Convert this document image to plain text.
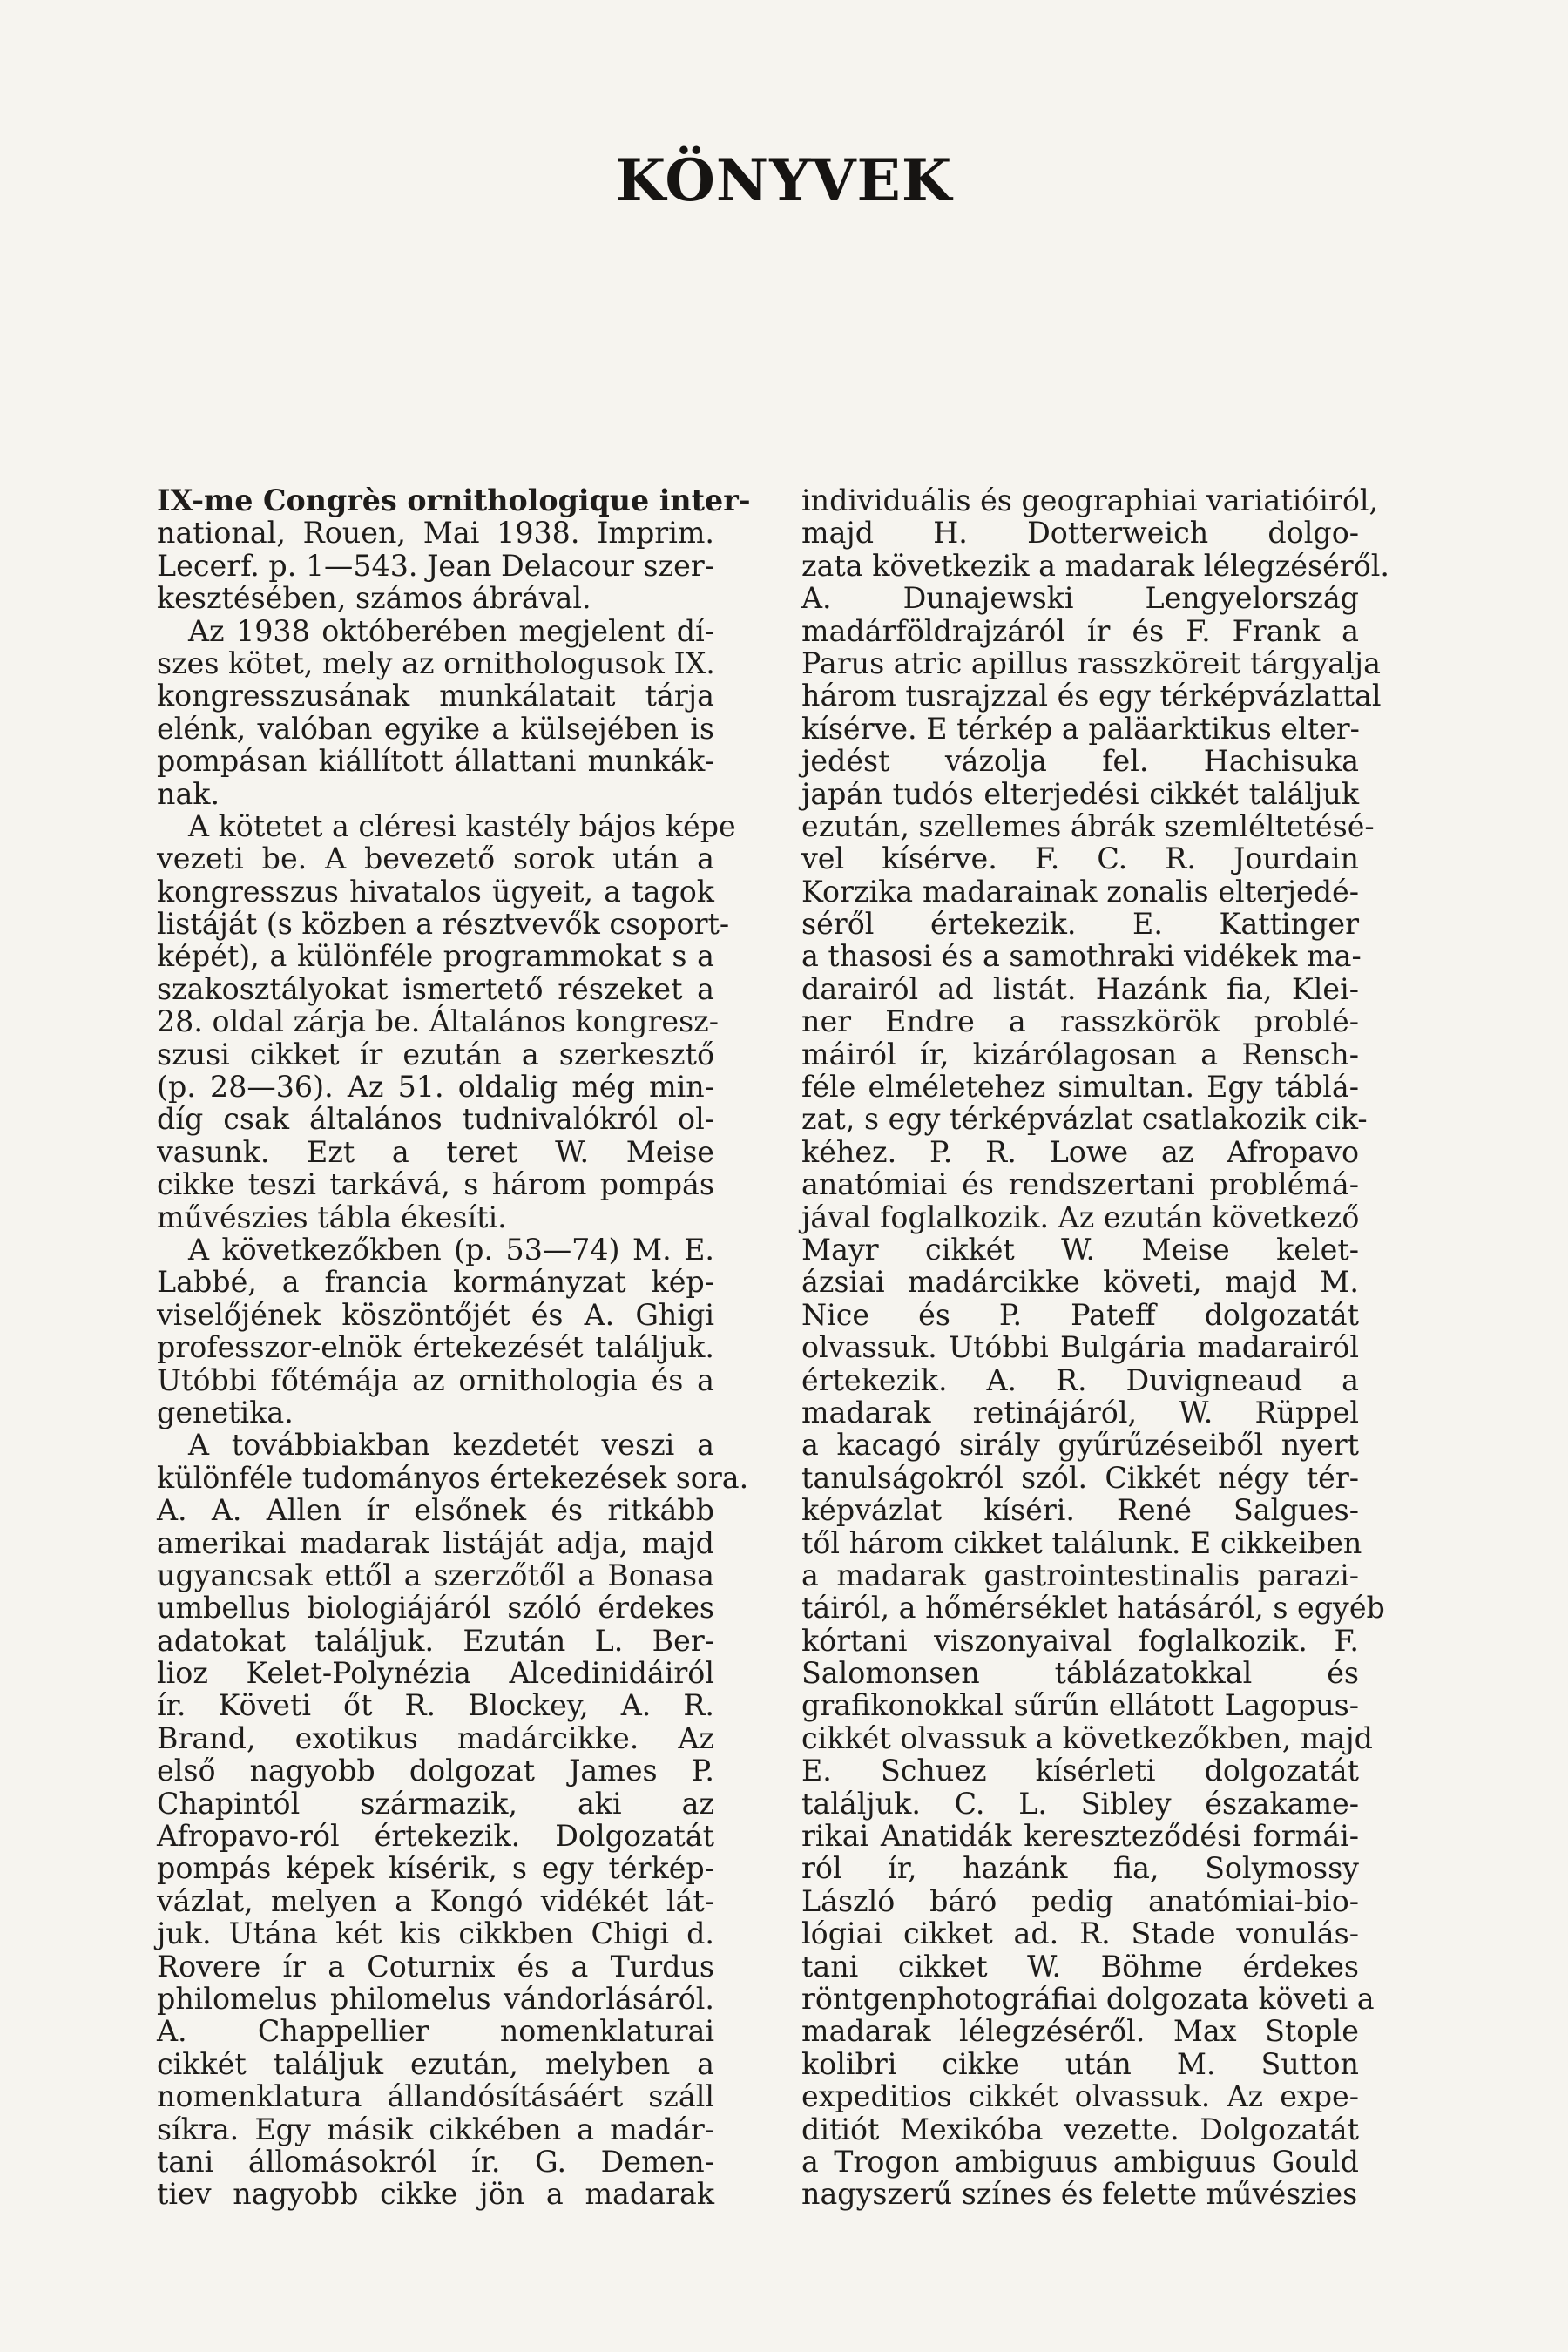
KÖNYVEK
IX-me Congrès ornithologique inter-
national, Rouen, Mai 1938. Imprim.
Lecerf. p. 1—543. Jean Delacour szer-
kesztésében, számos ábrával.
Az 1938 októberében megjelent dí-
szes kötet, mely az ornithologusok IX.
kongresszusának munkálatait tárja
elénk, valóban egyike a külsejében is
pompásan kiállított állattani munkák-
nak.
A kötetet a cléresi kastély bájos képe
vezeti be. A bevezető sorok után a
kongresszus hivatalos ügyeit, a tagok
listáját (s közben a résztvevők csoport-
képét), a különféle programmokat s a
szakosztályokat ismertető részeket a
28. oldal zárja be. Általános kongresz-
szusi cikket ír ezután a szerkesztő
(p. 28—36). Az 51. oldalig még min-
díg csak általános tudnivalókról ol-
vasunk. Ezt a teret W. Meise
cikke teszi tarkává, s három pompás
művészies tábla ékesíti.
A következőkben (p. 53—74) M. E.
Labbé, a francia kormányzat kép-
viselőjének köszöntőjét és A. Ghigi
professzor-elnök értekezését találjuk.
Utóbbi főtémája az ornithologia és a
genetika.
A továbbiakban kezdetét veszi a
különféle tudományos értekezések sora.
A. A. Allen ír elsőnek és ritkább
amerikai madarak listáját adja, majd
ugyancsak ettől a szerzőtől a Bonasa
umbellus biologiájáról szóló érdekes
adatokat találjuk. Ezután L. Ber-
lioz Kelet-Polynézia Alcedinidáiról
ír. Követi őt R. Blockey, A. R.
Brand, exotikus madárcikke. Az
első nagyobb dolgozat James P.
Chapintól származik, aki az
Afropavo-ról értekezik. Dolgozatát
pompás képek kísérik, s egy térkép-
vázlat, melyen a Kongó vidékét lát-
juk. Utána két kis cikkben Chigi d.
Rovere ír a Coturnix és a Turdus
philomelus philomelus vándorlásáról.
A. Chappellier nomenklaturai
cikkét találjuk ezután, melyben a
nomenklatura állandósításáért száll
síkra. Egy másik cikkében a madár-
tani állomásokról ír. G. Demen-
tiev nagyobb cikke jön a madarak
individuális és geographiai variatióiról,
majd H. Dotterweich dolgo-
zata következik a madarak lélegzéséről.
A. Dunajewski Lengyelország
madárföldrajzáról ír és F. Frank a
Parus atric apillus rasszköreit tárgyalja
három tusrajzzal és egy térképvázlattal
kísérve. E térkép a paläarktikus elter-
jedést vázolja fel. Hachisuka
japán tudós elterjedési cikkét találjuk
ezután, szellemes ábrák szemléltetésé-
vel kísérve. F. C. R. Jourdain
Korzika madarainak zonalis elterjedé-
séről értekezik. E. Kattinger
a thasosi és a samothraki vidékek ma-
darairól ad listát. Hazánk fia, Klei-
ner Endre a rasszkörök problé-
máiról ír, kizárólagosan a Rensch-
féle elméletehez simultan. Egy táblá-
zat, s egy térképvázlat csatlakozik cik-
kéhez. P. R. Lowe az Afropavo
anatómiai és rendszertani problémá-
jával foglalkozik. Az ezután következő
Mayr cikkét W. Meise kelet-
ázsiai madárcikke követi, majd M.
Nice és P. Pateff dolgozatát
olvassuk. Utóbbi Bulgária madarairól
értekezik. A. R. Duvigneaud a
madarak retinájáról, W. Rüppel
a kacagó sirály gyűrűzéseiből nyert
tanulságokról szól. Cikkét négy tér-
képvázlat kíséri. René Salgues-
től három cikket találunk. E cikkeiben
a madarak gastrointestinalis parazi-
táiról, a hőmérséklet hatásáról, s egyéb
kórtani viszonyaival foglalkozik. F.
Salomonsen táblázatokkal és
grafikonokkal sűrűn ellátott Lagopus-
cikkét olvassuk a következőkben, majd
E. Schuez kísérleti dolgozatát
találjuk. C. L. Sibley északame-
rikai Anatidák kereszteződési formái-
ról ír, hazánk fia, Solymossy
László báró pedig anatómiai-bio-
lógiai cikket ad. R. Stade vonulás-
tani cikket W. Böhme érdekes
röntgenphotográfiai dolgozata követi a
madarak lélegzéséről. Max Stople
kolibri cikke után M. Sutton
expeditios cikkét olvassuk. Az expe-
ditiót Mexikóba vezette. Dolgozatát
a Trogon ambiguus ambiguus Gould
nagyszerű színes és felette művészies
